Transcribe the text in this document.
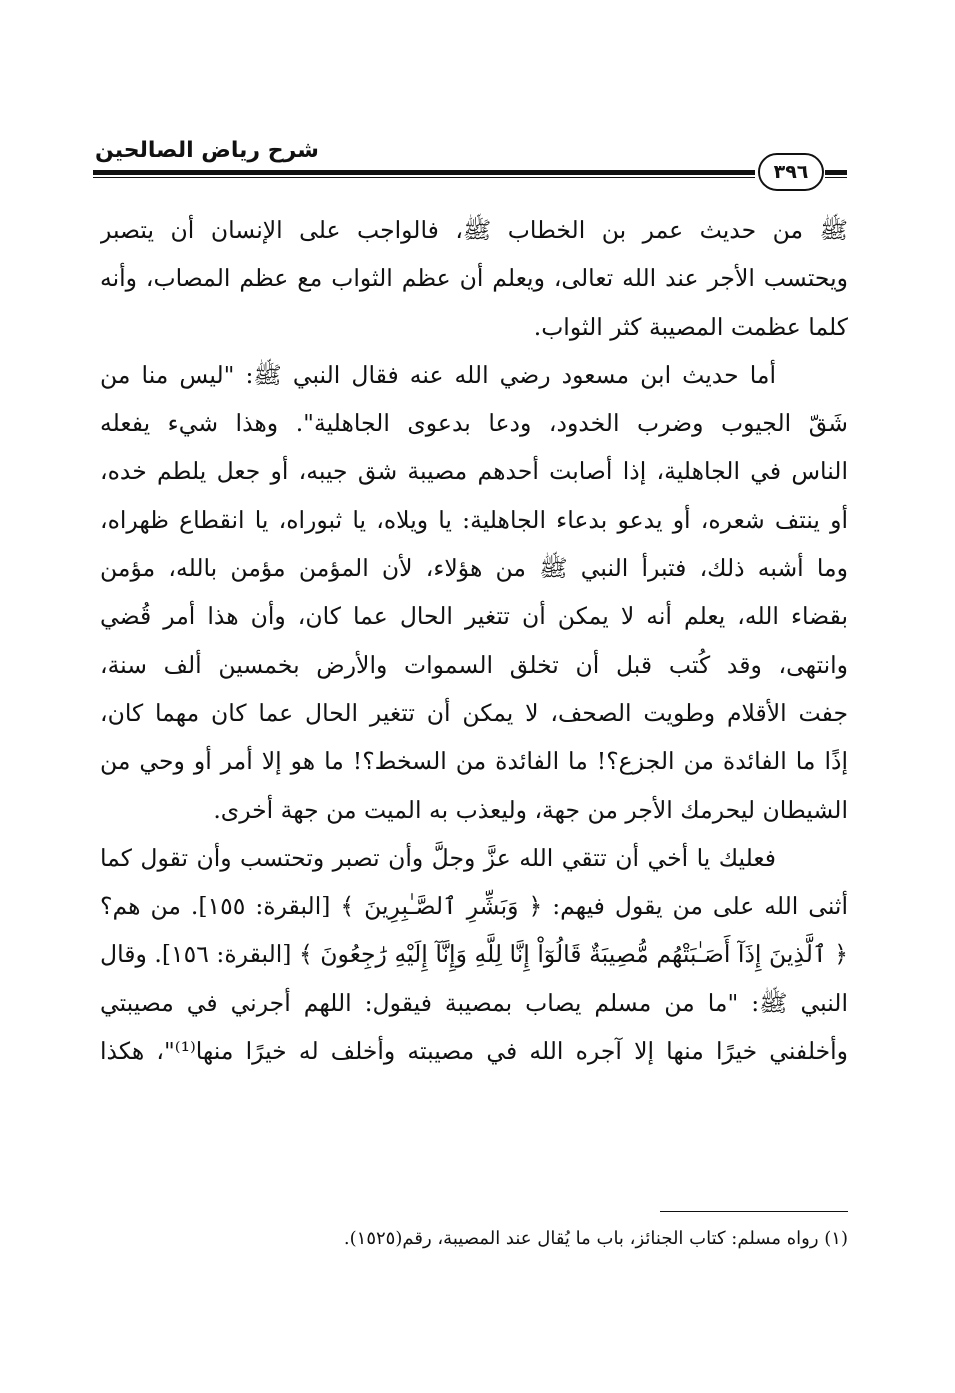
شرح رياض الصالحين
٣٩٦
ﷺ من حديث عمر بن الخطاب ﷺ، فالواجب على الإنسان أن يتصبر
ويحتسب الأجر عند الله تعالى، ويعلم أن عظم الثواب مع عظم المصاب، وأنه
كلما عظمت المصيبة كثر الثواب.
أما حديث ابن مسعود رضي الله عنه فقال النبي ﷺ: "ليس منا من
شَقّ الجيوب وضرب الخدود، ودعا بدعوى الجاهلية". وهذا شيء يفعله
الناس في الجاهلية، إذا أصابت أحدهم مصيبة شق جيبه، أو جعل يلطم خده،
أو ينتف شعره، أو يدعو بدعاء الجاهلية: يا ويلاه، يا ثبوراه، يا انقطاع ظهراه،
وما أشبه ذلك، فتبرأ النبي ﷺ من هؤلاء، لأن المؤمن مؤمن بالله، مؤمن
بقضاء الله، يعلم أنه لا يمكن أن تتغير الحال عما كان، وأن هذا أمر قُضي
وانتهى، وقد كُتب قبل أن تخلق السموات والأرض بخمسين ألف سنة،
جفت الأقلام وطويت الصحف، لا يمكن أن تتغير الحال عما كان مهما كان،
إذًا ما الفائدة من الجزع؟! ما الفائدة من السخط؟! ما هو إلا أمر أو وحي من
الشيطان ليحرمك الأجر من جهة، وليعذب به الميت من جهة أخرى.
فعليك يا أخي أن تتقي الله عزَّ وجلَّ وأن تصبر وتحتسب وأن تقول كما
أثنى الله على من يقول فيهم: ﴿ وَبَشِّرِ ٱلصَّـٰبِرِينَ ﴾ [البقرة: ١٥٥]. من هم؟
﴿ ٱلَّذِينَ إِذَآ أَصَـٰبَتْهُم مُّصِيبَةٌ قَالُوٓاْ إِنَّا لِلَّهِ وَإِنَّآ إِلَيْهِ رَٰجِعُونَ ﴾ [البقرة: ١٥٦]. وقال
النبي ﷺ: "ما من مسلم يصاب بمصيبة فيقول: اللهم أجرني في مصيبتي
وأخلفني خيرًا منها إلا آجره الله في مصيبته وأخلف له خيرًا منها⁽¹⁾"، هكذا
(١) رواه مسلم: كتاب الجنائز، باب ما يُقال عند المصيبة، رقم(١٥٢٥).
